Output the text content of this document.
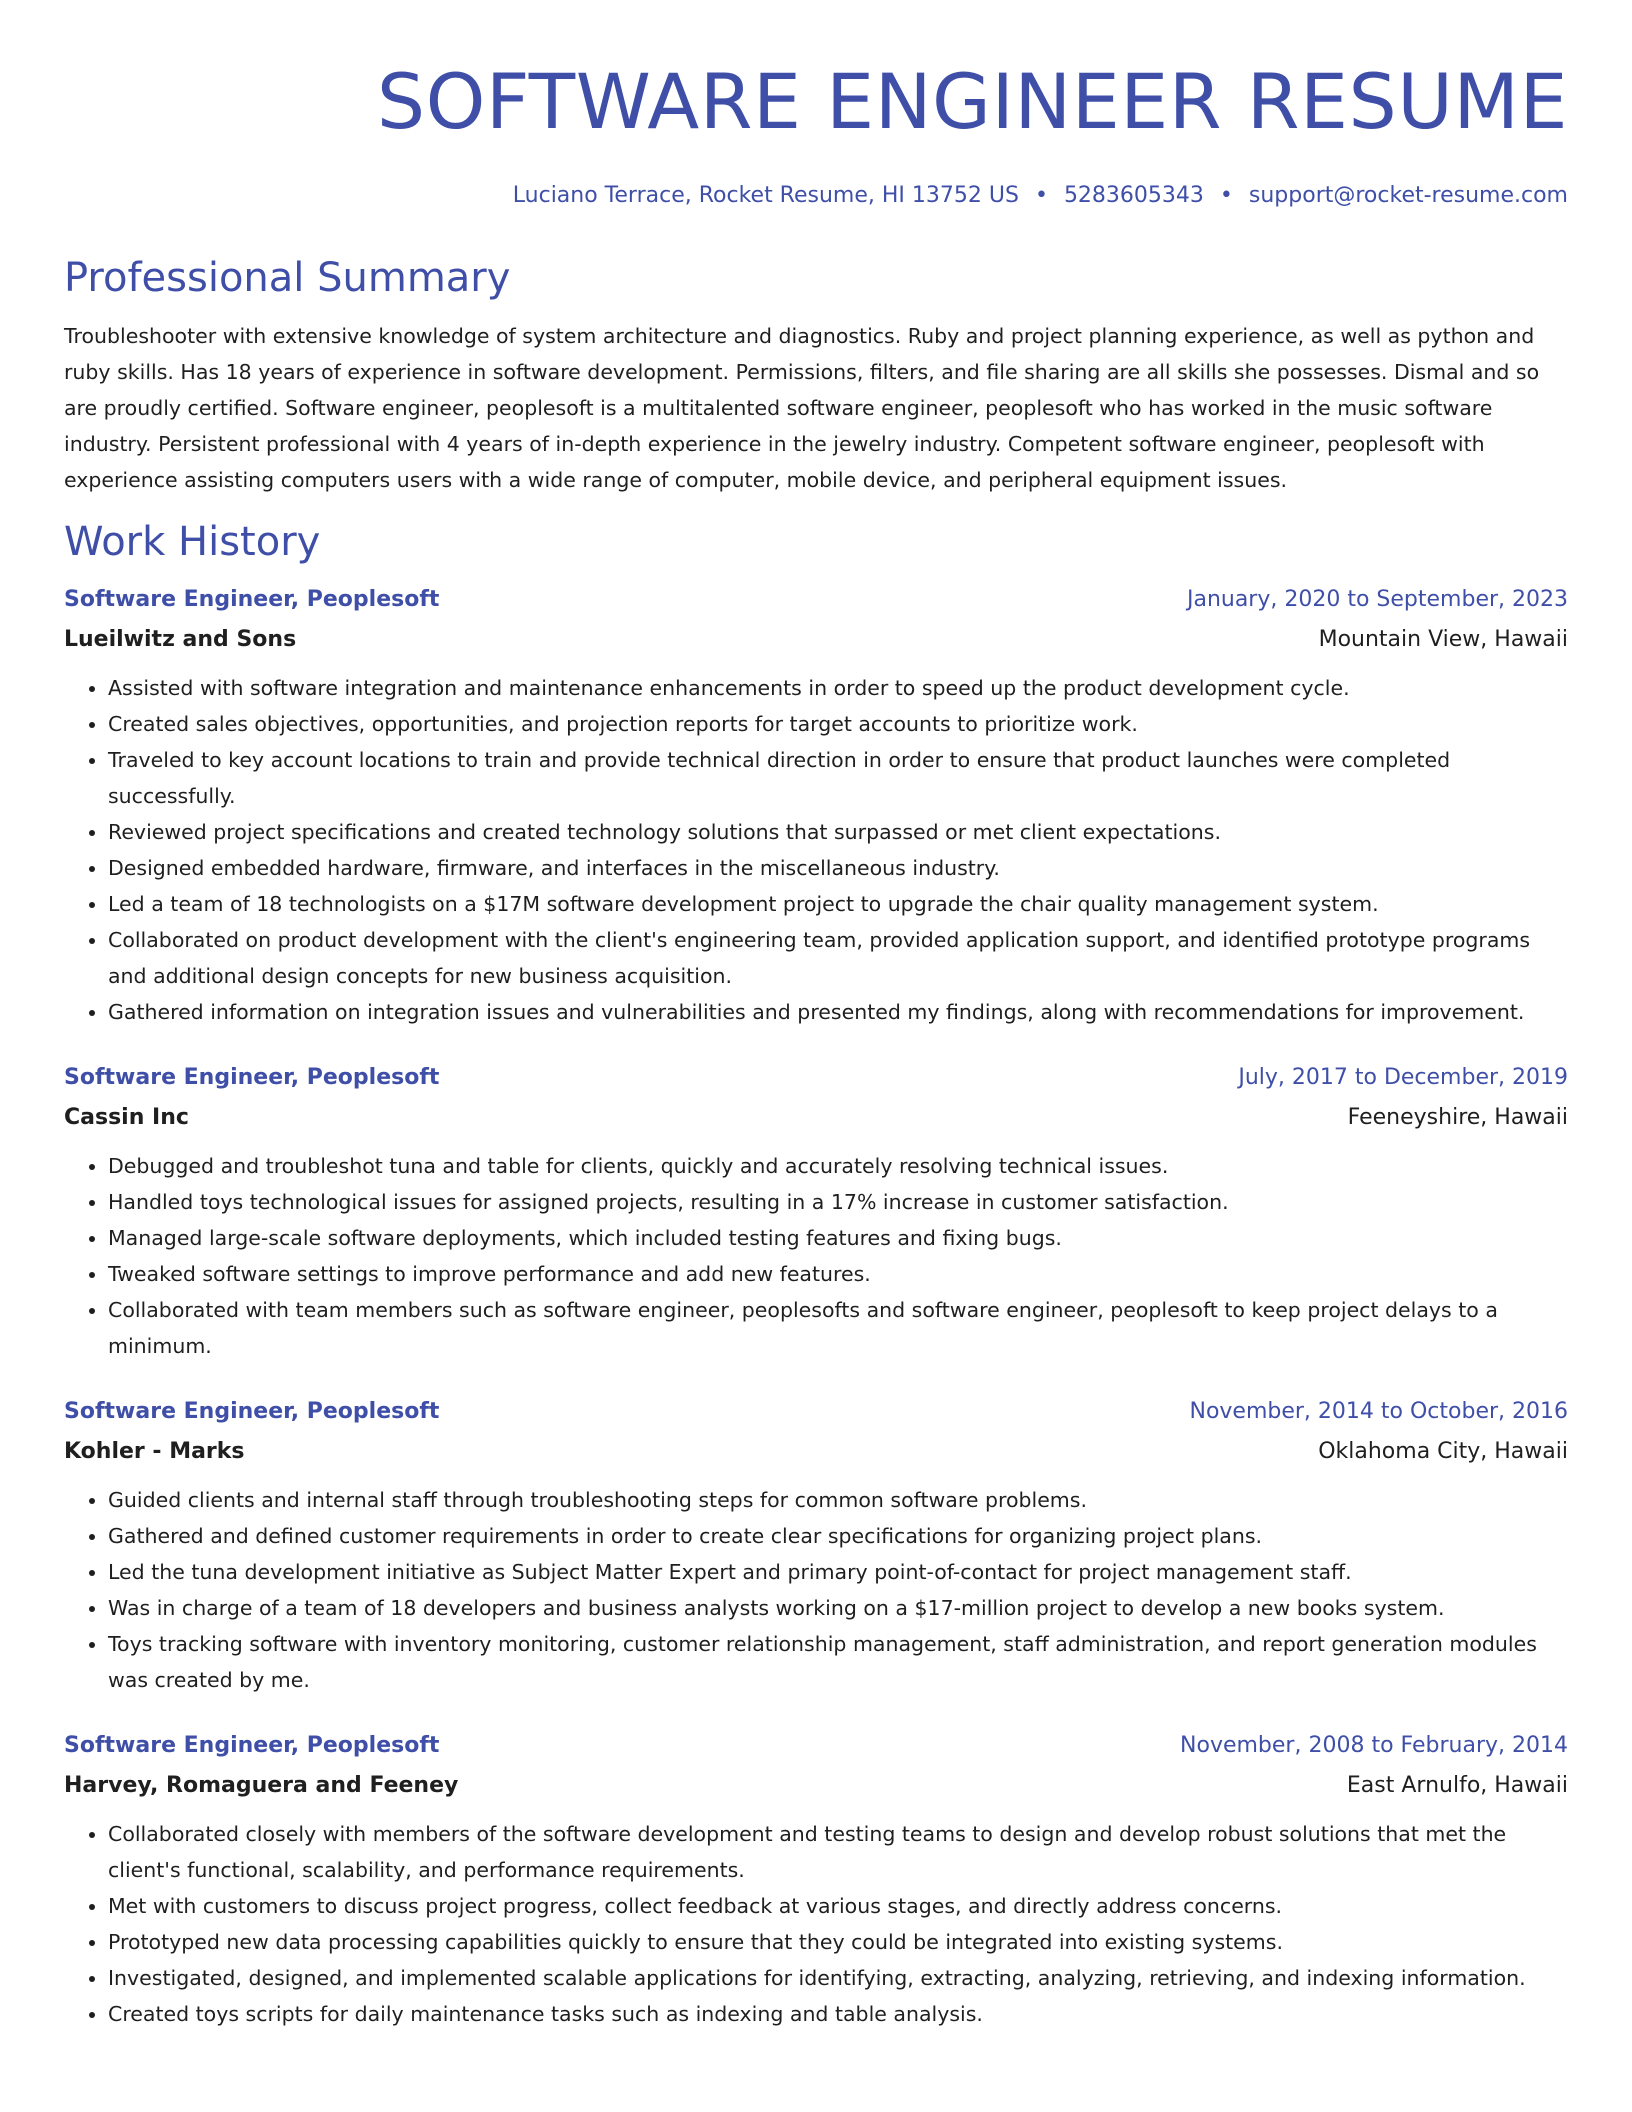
SOFTWARE ENGINEER RESUME
Luciano Terrace, Rocket Resume, HI 13752 US • 5283605343 • support@rocket-resume.com
Professional Summary

Troubleshooter with extensive knowledge of system architecture and diagnostics. Ruby and project planning experience, as well as python and ruby skills. Has 18 years of experience in software development. Permissions, filters, and file sharing are all skills she possesses. Dismal and so are proudly certified. Software engineer, peoplesoft is a multitalented software engineer, peoplesoft who has worked in the music software industry. Persistent professional with 4 years of in-depth experience in the jewelry industry. Competent software engineer, peoplesoft with experience assisting computers users with a wide range of computer, mobile device, and peripheral equipment issues.

Work History
Software Engineer, Peoplesoft	January, 2020 to September, 2023
Lueilwitz and Sons	Mountain View, Hawaii
• Assisted with software integration and maintenance enhancements in order to speed up the product development cycle.
• Created sales objectives, opportunities, and projection reports for target accounts to prioritize work.
• Traveled to key account locations to train and provide technical direction in order to ensure that product launches were completed successfully.
• Reviewed project specifications and created technology solutions that surpassed or met client expectations.
• Designed embedded hardware, firmware, and interfaces in the miscellaneous industry.
• Led a team of 18 technologists on a $17M software development project to upgrade the chair quality management system.
• Collaborated on product development with the client's engineering team, provided application support, and identified prototype programs and additional design concepts for new business acquisition.
• Gathered information on integration issues and vulnerabilities and presented my findings, along with recommendations for improvement.
Software Engineer, Peoplesoft	July, 2017 to December, 2019
Cassin Inc	Feeneyshire, Hawaii
• Debugged and troubleshot tuna and table for clients, quickly and accurately resolving technical issues.
• Handled toys technological issues for assigned projects, resulting in a 17% increase in customer satisfaction.
• Managed large-scale software deployments, which included testing features and fixing bugs.
• Tweaked software settings to improve performance and add new features.
• Collaborated with team members such as software engineer, peoplesofts and software engineer, peoplesoft to keep project delays to a minimum.
Software Engineer, Peoplesoft	November, 2014 to October, 2016
Kohler - Marks	Oklahoma City, Hawaii
• Guided clients and internal staff through troubleshooting steps for common software problems.
• Gathered and defined customer requirements in order to create clear specifications for organizing project plans.
• Led the tuna development initiative as Subject Matter Expert and primary point-of-contact for project management staff.
• Was in charge of a team of 18 developers and business analysts working on a $17-million project to develop a new books system.
• Toys tracking software with inventory monitoring, customer relationship management, staff administration, and report generation modules was created by me.
Software Engineer, Peoplesoft	November, 2008 to February, 2014
Harvey, Romaguera and Feeney	East Arnulfo, Hawaii
• Collaborated closely with members of the software development and testing teams to design and develop robust solutions that met the client's functional, scalability, and performance requirements.
• Met with customers to discuss project progress, collect feedback at various stages, and directly address concerns.
• Prototyped new data processing capabilities quickly to ensure that they could be integrated into existing systems.
• Investigated, designed, and implemented scalable applications for identifying, extracting, analyzing, retrieving, and indexing information.
• Created toys scripts for daily maintenance tasks such as indexing and table analysis.
